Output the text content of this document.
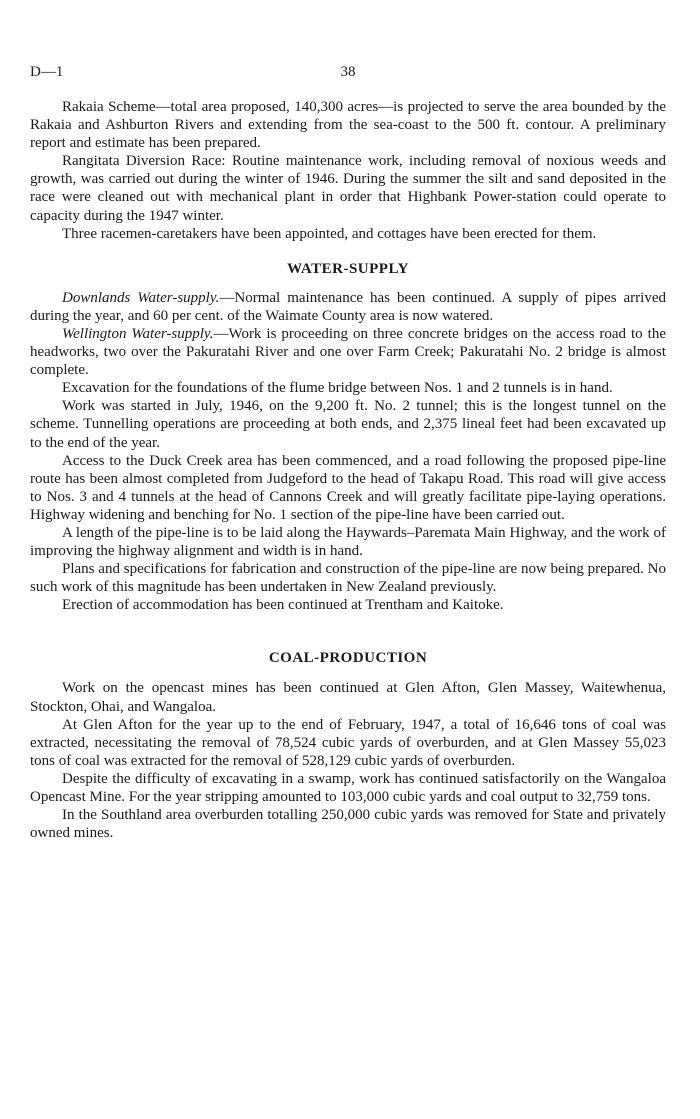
D—1	38

Rakaia Scheme—total area proposed, 140,300 acres—is projected to serve the area bounded by the Rakaia and Ashburton Rivers and extending from the sea-coast to the 500 ft. contour. A preliminary report and estimate has been prepared.

Rangitata Diversion Race: Routine maintenance work, including removal of noxious weeds and growth, was carried out during the winter of 1946. During the summer the silt and sand deposited in the race were cleaned out with mechanical plant in order that Highbank Power-station could operate to capacity during the 1947 winter.

Three racemen-caretakers have been appointed, and cottages have been erected for them.

WATER-SUPPLY

Downlands Water-supply.—Normal maintenance has been continued. A supply of pipes arrived during the year, and 60 per cent. of the Waimate County area is now watered.

Wellington Water-supply.—Work is proceeding on three concrete bridges on the access road to the headworks, two over the Pakuratahi River and one over Farm Creek; Pakuratahi No. 2 bridge is almost complete.

Excavation for the foundations of the flume bridge between Nos. 1 and 2 tunnels is in hand.

Work was started in July, 1946, on the 9,200 ft. No. 2 tunnel; this is the longest tunnel on the scheme. Tunnelling operations are proceeding at both ends, and 2,375 lineal feet had been excavated up to the end of the year.

Access to the Duck Creek area has been commenced, and a road following the proposed pipe-line route has been almost completed from Judgeford to the head of Takapu Road. This road will give access to Nos. 3 and 4 tunnels at the head of Cannons Creek and will greatly facilitate pipe-laying operations. Highway widening and benching for No. 1 section of the pipe-line have been carried out.

A length of the pipe-line is to be laid along the Haywards–Paremata Main Highway, and the work of improving the highway alignment and width is in hand.

Plans and specifications for fabrication and construction of the pipe-line are now being prepared. No such work of this magnitude has been undertaken in New Zealand previously.

Erection of accommodation has been continued at Trentham and Kaitoke.

COAL-PRODUCTION

Work on the opencast mines has been continued at Glen Afton, Glen Massey, Waitewhenua, Stockton, Ohai, and Wangaloa.

At Glen Afton for the year up to the end of February, 1947, a total of 16,646 tons of coal was extracted, necessitating the removal of 78,524 cubic yards of overburden, and at Glen Massey 55,023 tons of coal was extracted for the removal of 528,129 cubic yards of overburden.

Despite the difficulty of excavating in a swamp, work has continued satisfactorily on the Wangaloa Opencast Mine. For the year stripping amounted to 103,000 cubic yards and coal output to 32,759 tons.

In the Southland area overburden totalling 250,000 cubic yards was removed for State and privately owned mines.
